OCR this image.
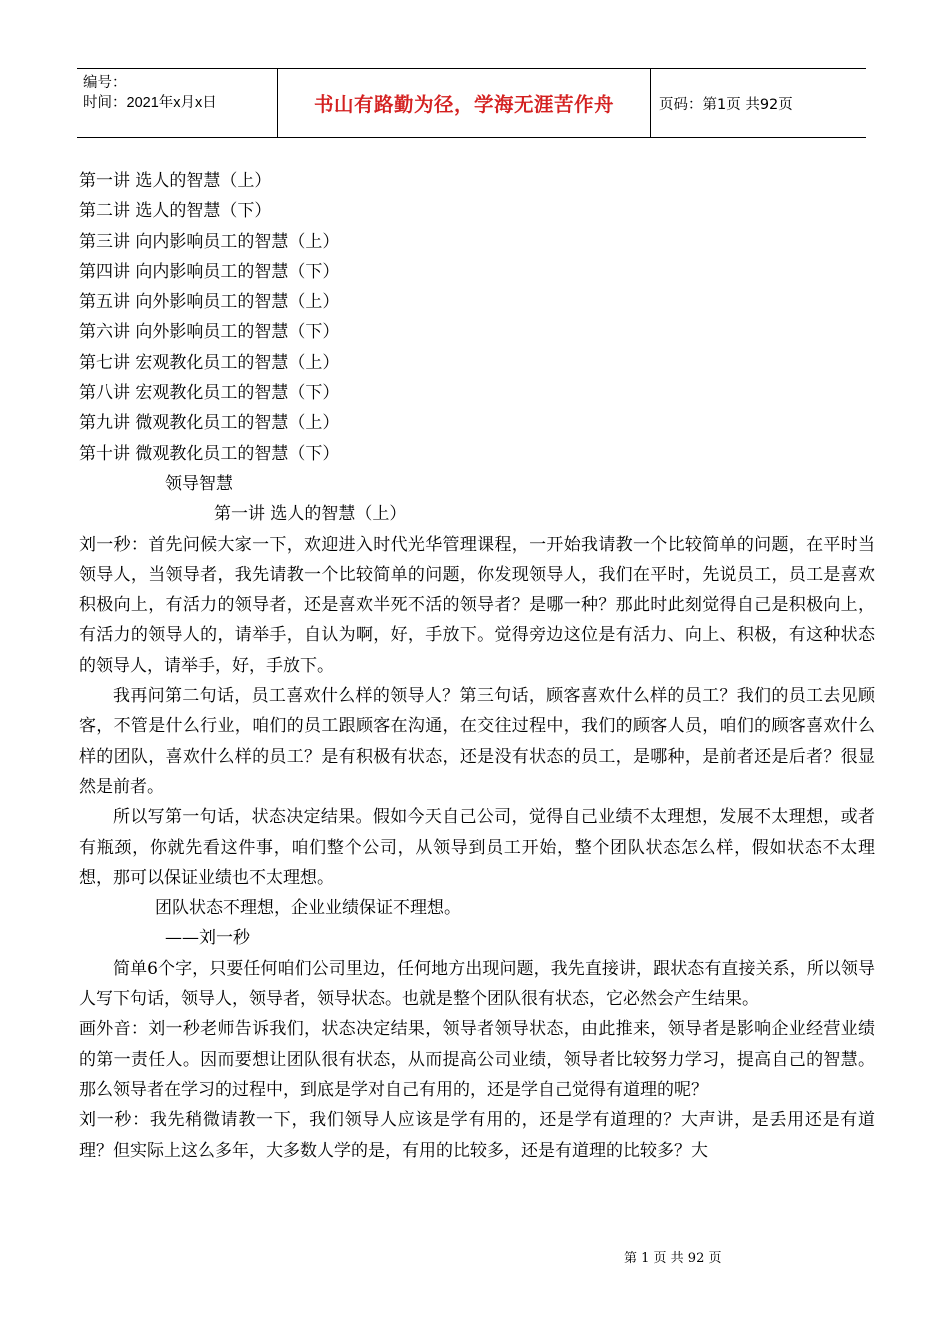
编号：
时间：2021年x月x日	书山有路勤为径，学海无涯苦作舟	页码：第1页 共92页
第一讲 选人的智慧（上）
第二讲 选人的智慧（下）
第三讲 向内影响员工的智慧（上）
第四讲 向内影响员工的智慧（下）
第五讲 向外影响员工的智慧（上）
第六讲 向外影响员工的智慧（下）
第七讲 宏观教化员工的智慧（上）
第八讲 宏观教化员工的智慧（下）
第九讲 微观教化员工的智慧（上）
第十讲 微观教化员工的智慧（下）
领导智慧
第一讲 选人的智慧（上）

刘一秒：首先问候大家一下，欢迎进入时代光华管理课程，一开始我请教一个比较简单的问题，在平时当领导人，当领导者，我先请教一个比较简单的问题，你发现领导人，我们在平时，先说员工，员工是喜欢积极向上，有活力的领导者，还是喜欢半死不活的领导者？是哪一种？那此时此刻觉得自己是积极向上，有活力的领导人的，请举手，自认为啊，好，手放下。觉得旁边这位是有活力、向上、积极，有这种状态的领导人，请举手，好，手放下。

我再问第二句话，员工喜欢什么样的领导人？第三句话，顾客喜欢什么样的员工？我们的员工去见顾客，不管是什么行业，咱们的员工跟顾客在沟通，在交往过程中，我们的顾客人员，咱们的顾客喜欢什么样的团队，喜欢什么样的员工？是有积极有状态，还是没有状态的员工，是哪种，是前者还是后者？很显然是前者。

所以写第一句话，状态决定结果。假如今天自己公司，觉得自己业绩不太理想，发展不太理想，或者有瓶颈，你就先看这件事，咱们整个公司，从领导到员工开始，整个团队状态怎么样，假如状态不太理想，那可以保证业绩也不太理想。

团队状态不理想，企业业绩保证不理想。
——刘一秒

简单6个字，只要任何咱们公司里边，任何地方出现问题，我先直接讲，跟状态有直接关系，所以领导人写下句话，领导人，领导者，领导状态。也就是整个团队很有状态，它必然会产生结果。

画外音：刘一秒老师告诉我们，状态决定结果，领导者领导状态，由此推来，领导者是影响企业经营业绩的第一责任人。因而要想让团队很有状态，从而提高公司业绩，领导者比较努力学习，提高自己的智慧。那么领导者在学习的过程中，到底是学对自己有用的，还是学自己觉得有道理的呢？

刘一秒：我先稍微请教一下，我们领导人应该是学有用的，还是学有道理的？大声讲，是丢用还是有道理？但实际上这么多年，大多数人学的是，有用的比较多，还是有道理的比较多？大

第 1 页 共 92 页
